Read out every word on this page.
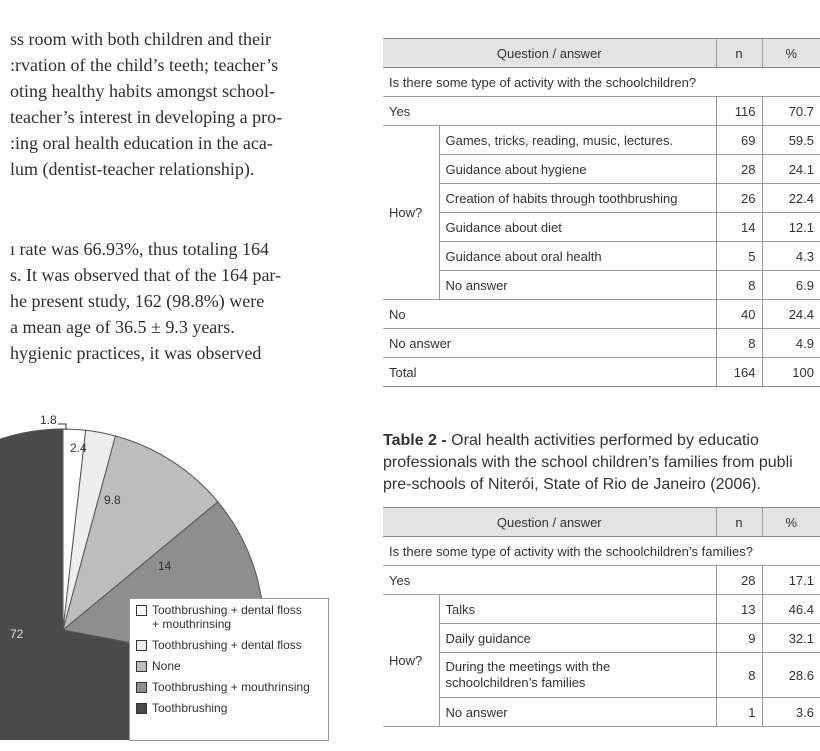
ss room with both children and their
:rvation of the child’s teeth; teacher’s
oting healthy habits amongst school-
teacher’s interest in developing a pro-
:ing oral health education in the aca-
lum (dentist-teacher relationship).

ı rate was 66.93%, thus totaling 164
s. It was observed that of the 164 par-
he present study, 162 (98.8%) were
a mean age of 36.5 ± 9.3 years.
hygienic practices, it was observed

1.8
2.4
9.8
14
72
Toothbrushing + dental floss
+ mouthrinsing
Toothbrushing + dental floss
None
Toothbrushing + mouthrinsing
Toothbrushing
Question / answer		n	%
Is there some type of activity with the schoolchildren?			
Yes		116	70.7
How?	Games, tricks, reading, music, lectures.	69	59.5
	Guidance about hygiene	28	24.1
	Creation of habits through toothbrushing	26	22.4
	Guidance about diet	14	12.1
	Guidance about oral health	5	4.3
	No answer	8	6.9
No		40	24.4
No answer		8	4.9
Total		164	100

Table 2 - Oral health activities performed by educatio
professionals with the school children’s families from publi
pre-schools of Niterói, State of Rio de Janeiro (2006).

Question / answer		n	%
Is there some type of activity with the schoolchildren’s families?			
Yes		28	17.1
How?	Talks	13	46.4
	Daily guidance	9	32.1
	During the meetings with the schoolchildren’s families	8	28.6
	No answer	1	3.6
